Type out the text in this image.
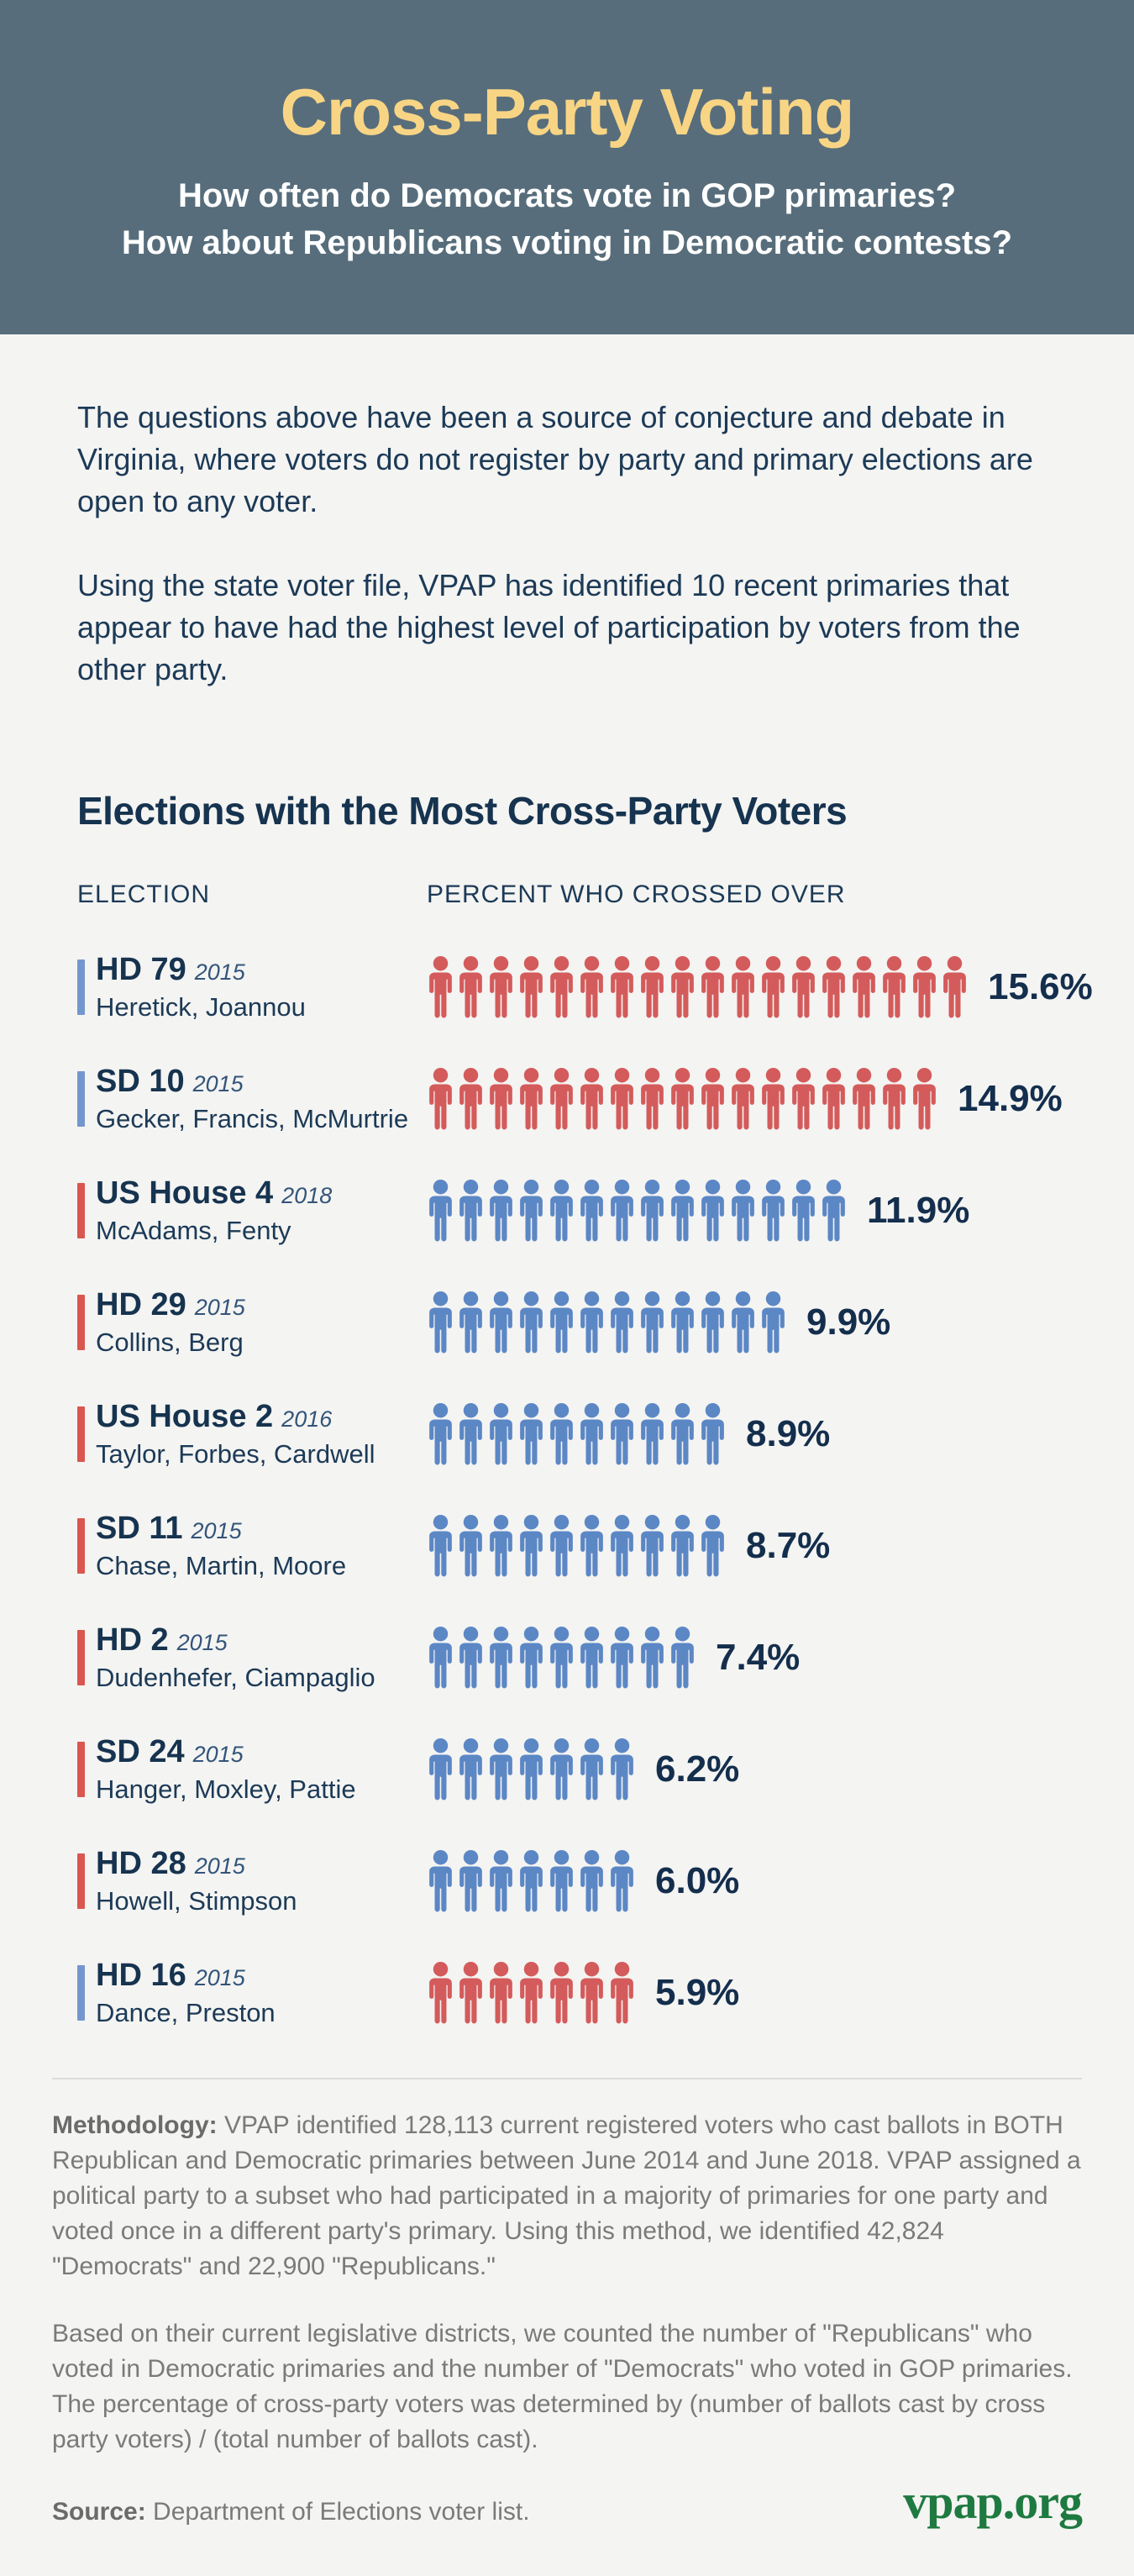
Cross-Party Voting
How often do Democrats vote in GOP primaries?
How about Republicans voting in Democratic contests?

The questions above have been a source of conjecture and debate in Virginia, where voters do not register by party and primary elections are open to any voter.

Using the state voter file, VPAP has identified 10 recent primaries that appear to have had the highest level of participation by voters from the other party.

Elections with the Most Cross-Party Voters
ELECTION	PERCENT WHO CROSSED OVER
HD 79 2015
Heretick, Joannou	15.6%
SD 10 2015
Gecker, Francis, McMurtrie	14.9%
US House 4 2018
McAdams, Fenty	11.9%
HD 29 2015
Collins, Berg	9.9%
US House 2 2016
Taylor, Forbes, Cardwell	8.9%
SD 11 2015
Chase, Martin, Moore	8.7%
HD 2 2015
Dudenhefer, Ciampaglio	7.4%
SD 24 2015
Hanger, Moxley, Pattie	6.2%
HD 28 2015
Howell, Stimpson	6.0%
HD 16 2015
Dance, Preston	5.9%

Methodology: VPAP identified 128,113 current registered voters who cast ballots in BOTH Republican and Democratic primaries between June 2014 and June 2018. VPAP assigned a political party to a subset who had participated in a majority of primaries for one party and voted once in a different party's primary. Using this method, we identified 42,824 "Democrats" and 22,900 "Republicans."

Based on their current legislative districts, we counted the number of "Republicans" who voted in Democratic primaries and the number of "Democrats" who voted in GOP primaries. The percentage of cross-party voters was determined by (number of ballots cast by cross party voters) / (total number of ballots cast).

Source: Department of Elections voter list.	vpap.org
